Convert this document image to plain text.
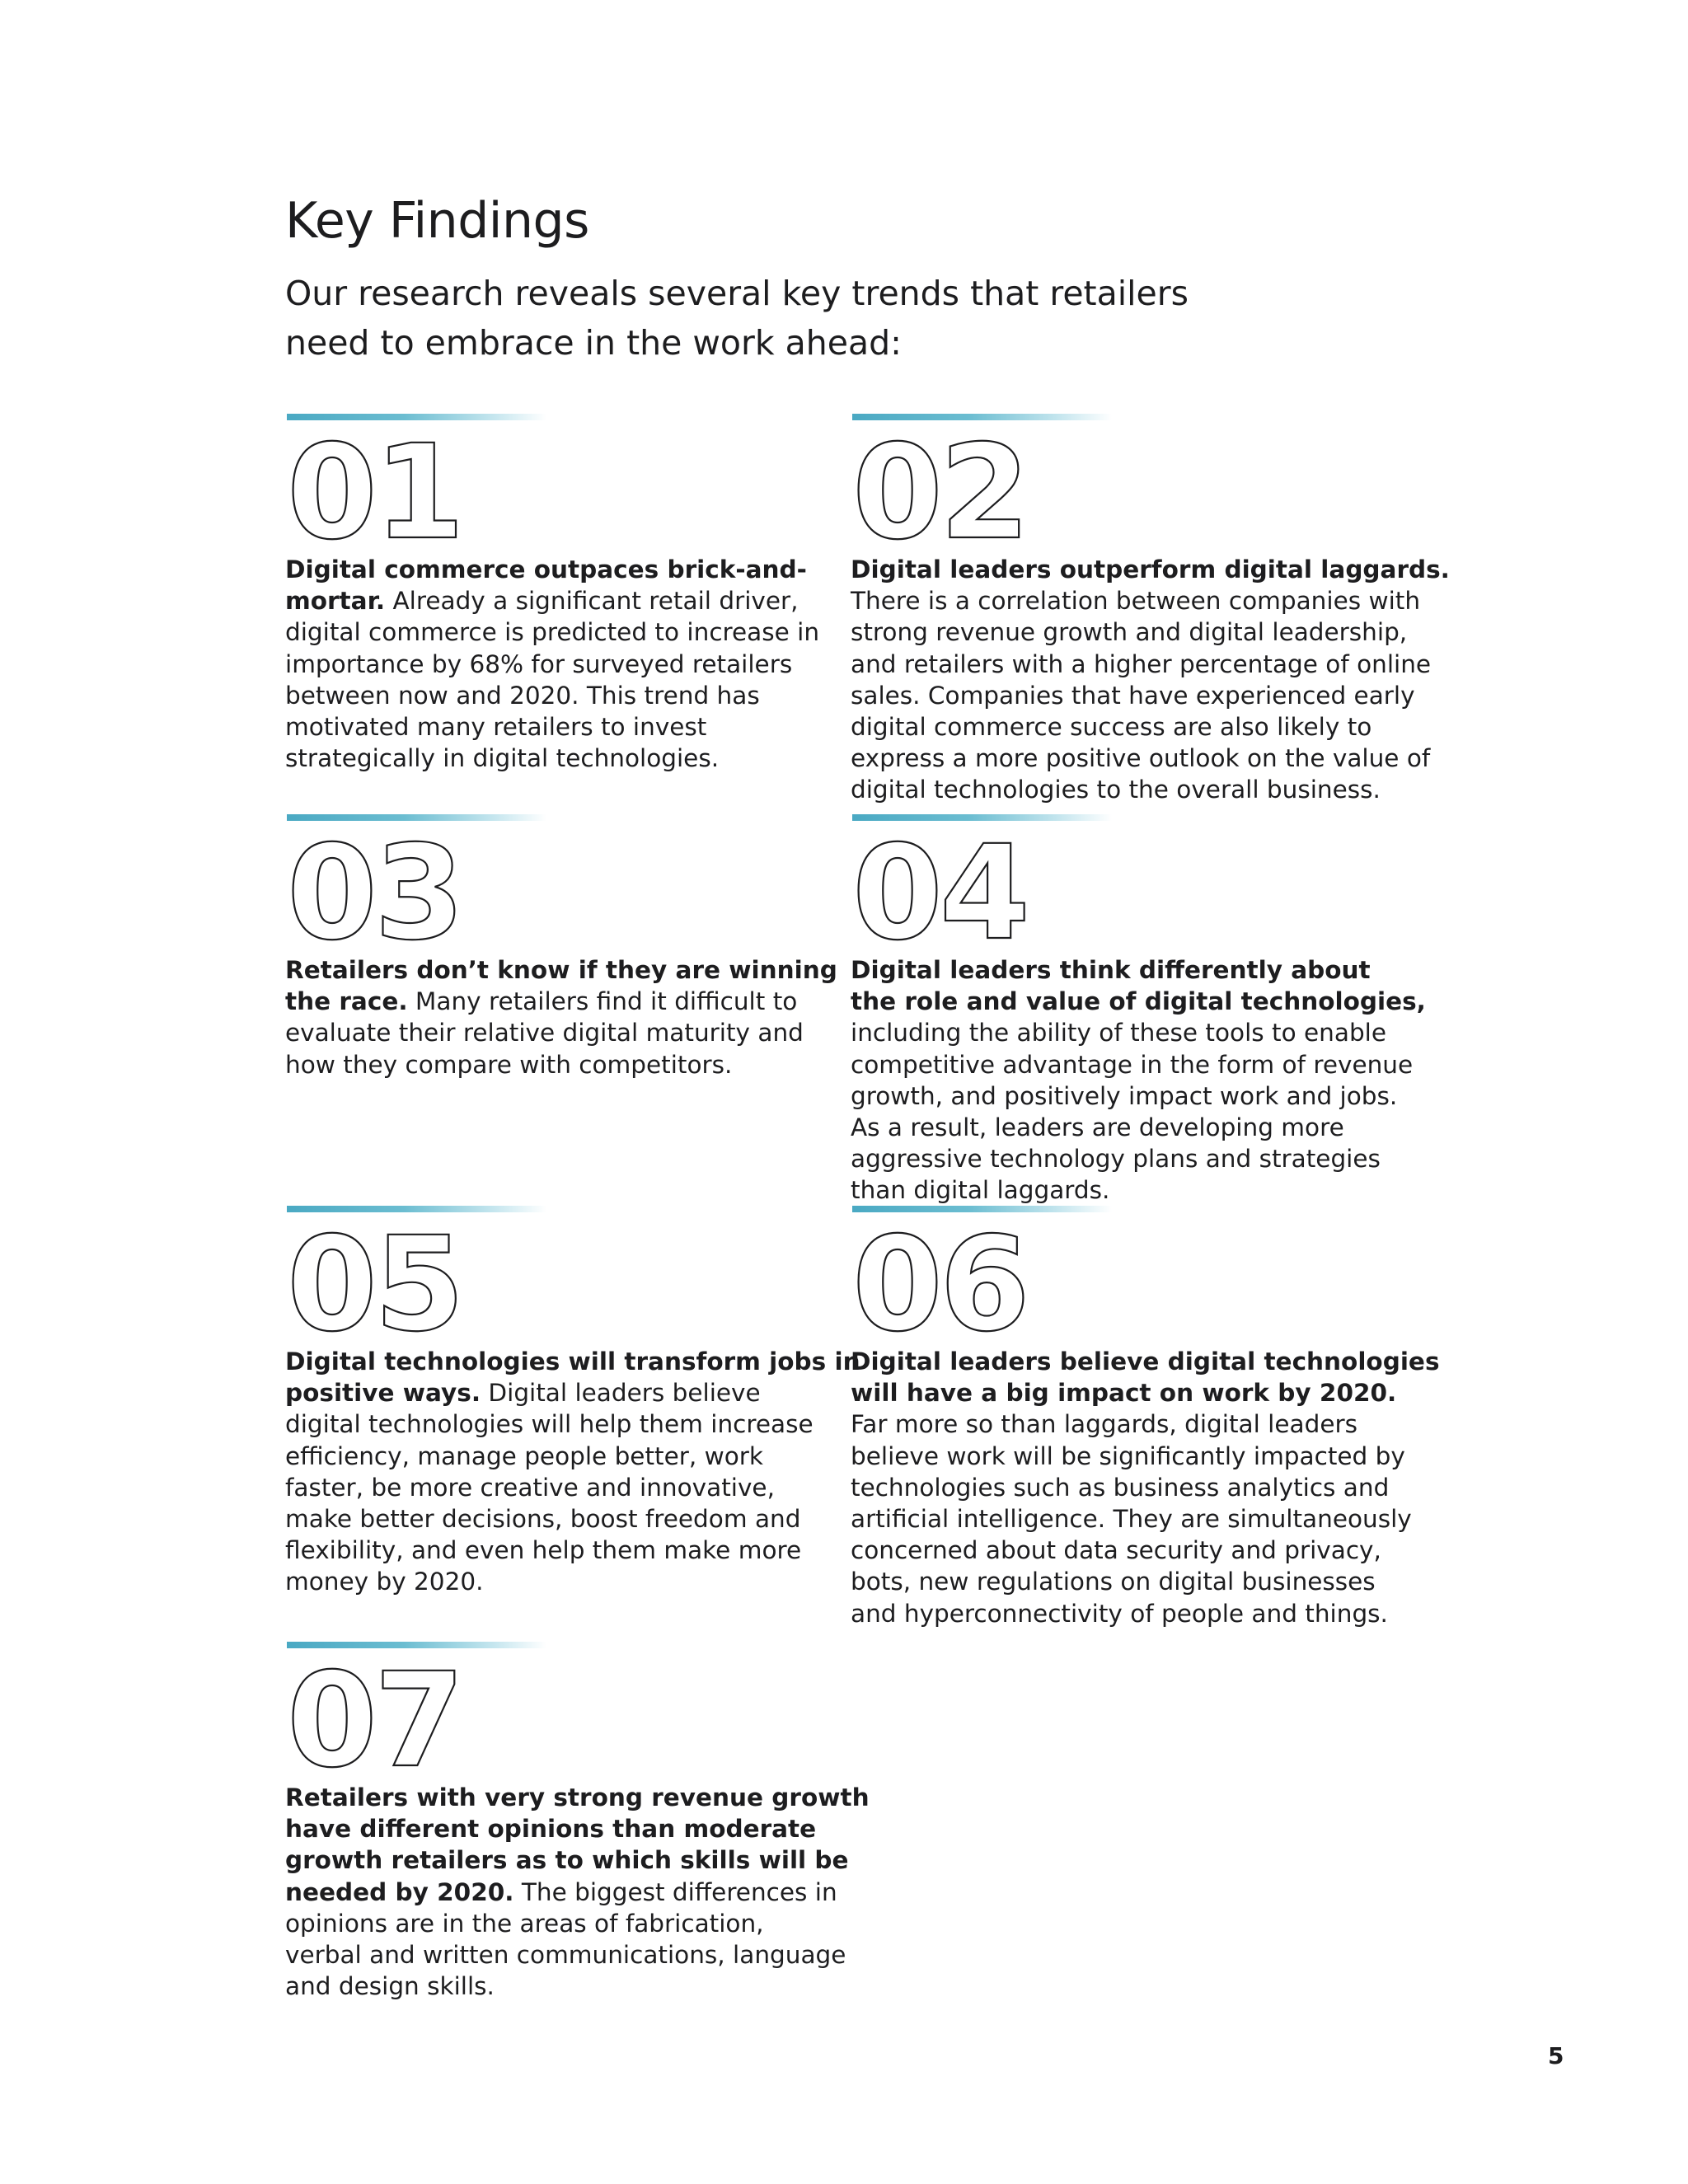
Key Findings

Our research reveals several key trends that retailers
need to embrace in the work ahead:

01
Digital commerce outpaces brick-and-
mortar. Already a significant retail driver,
digital commerce is predicted to increase in
importance by 68% for surveyed retailers
between now and 2020. This trend has
motivated many retailers to invest
strategically in digital technologies.
02
Digital leaders outperform digital laggards.
There is a correlation between companies with
strong revenue growth and digital leadership,
and retailers with a higher percentage of online
sales. Companies that have experienced early
digital commerce success are also likely to
express a more positive outlook on the value of
digital technologies to the overall business.
03
Retailers don’t know if they are winning
the race. Many retailers find it difficult to
evaluate their relative digital maturity and
how they compare with competitors.
04
Digital leaders think differently about
the role and value of digital technologies,
including the ability of these tools to enable
competitive advantage in the form of revenue
growth, and positively impact work and jobs.
As a result, leaders are developing more
aggressive technology plans and strategies
than digital laggards.
05
Digital technologies will transform jobs in
positive ways. Digital leaders believe
digital technologies will help them increase
efficiency, manage people better, work
faster, be more creative and innovative,
make better decisions, boost freedom and
flexibility, and even help them make more
money by 2020.
06
Digital leaders believe digital technologies
will have a big impact on work by 2020.
Far more so than laggards, digital leaders
believe work will be significantly impacted by
technologies such as business analytics and
artificial intelligence. They are simultaneously
concerned about data security and privacy,
bots, new regulations on digital businesses
and hyperconnectivity of people and things.
07
Retailers with very strong revenue growth
have different opinions than moderate
growth retailers as to which skills will be
needed by 2020. The biggest differences in
opinions are in the areas of fabrication,
verbal and written communications, language
and design skills.
5
